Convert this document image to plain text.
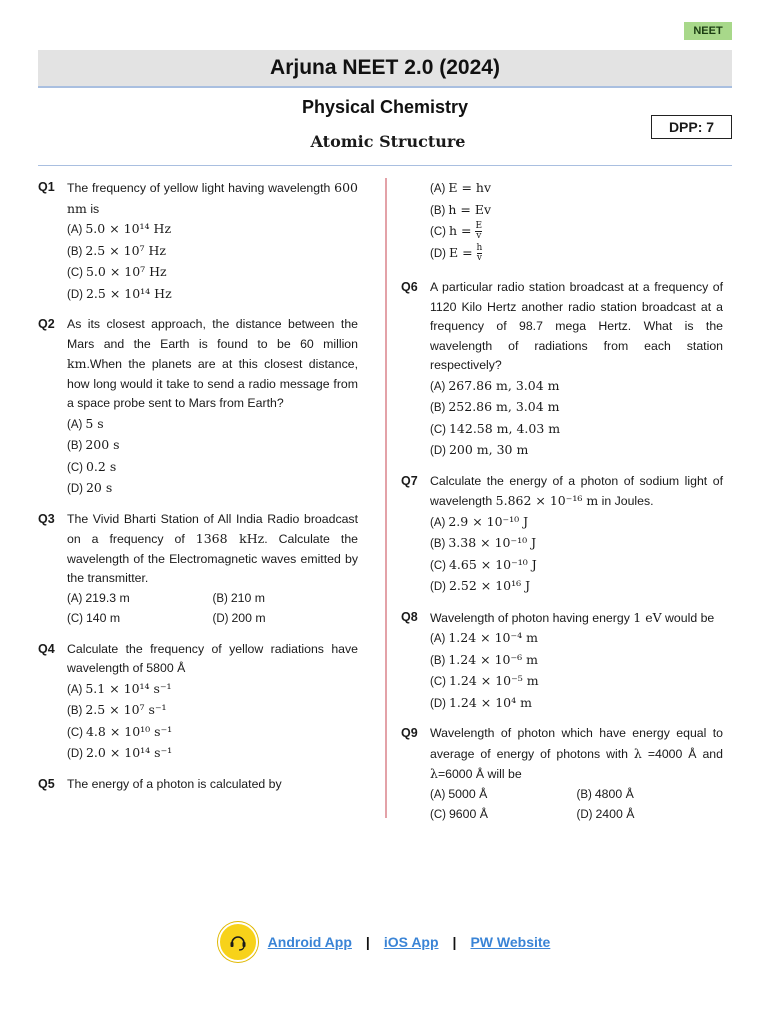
NEET
Arjuna NEET 2.0 (2024)
Physical Chemistry
DPP: 7
Atomic Structure
Q1	The frequency of yellow light having wavelength 600 nm is
(A) 5.0 × 10¹⁴ Hz
(B) 2.5 × 10⁷ Hz
(C) 5.0 × 10⁷ Hz
(D) 2.5 × 10¹⁴ Hz
Q2	As its closest approach, the distance between the Mars and the Earth is found to be 60 million km.When the planets are at this closest distance, how long would it take to send a radio message from a space probe sent to Mars from Earth?
(A) 5 s
(B) 200 s
(C) 0.2 s
(D) 20 s
Q3	The Vivid Bharti Station of All India Radio broadcast on a frequency of 1368 kHz. Calculate the wavelength of the Electromagnetic waves emitted by the transmitter.
(A) 219.3 m	(B) 210 m
(C) 140 m	(D) 200 m
Q4	Calculate the frequency of yellow radiations have wavelength of 5800 Å
(A) 5.1 × 10¹⁴ s⁻¹
(B) 2.5 × 10⁷ s⁻¹
(C) 4.8 × 10¹⁰ s⁻¹
(D) 2.0 × 10¹⁴ s⁻¹
Q5	The energy of a photon is calculated by
(A) E = hv
(B) h = Ev
(C) $h = \frac{E}{v}$
(D) $E = \frac{h}{v}$
Q6	A particular radio station broadcast at a frequency of 1120 Kilo Hertz another radio station broadcast at a frequency of 98.7 mega Hertz. What is the wavelength of radiations from each station respectively?
(A) 267.86 m, 3.04 m
(B) 252.86 m, 3.04 m
(C) 142.58 m, 4.03 m
(D) 200 m, 30 m
Q7	Calculate the energy of a photon of sodium light of wavelength 5.862 × 10⁻¹⁶ m in Joules.
(A) 2.9 × 10⁻¹⁰ J
(B) 3.38 × 10⁻¹⁰ J
(C) 4.65 × 10⁻¹⁰ J
(D) 2.52 × 10¹⁶ J
Q8	Wavelength of photon having energy 1 eV would be
(A) 1.24 × 10⁻⁴ m
(B) 1.24 × 10⁻⁶ m
(C) 1.24 × 10⁻⁵ m
(D) 1.24 × 10⁴ m
Q9	Wavelength of photon which have energy equal to average of energy of photons with λ =4000 Å and λ=6000 Å will be
(A) 5000 Å	(B) 4800 Å
(C) 9600 Å	(D) 2400 Å
Android App | iOS App | PW Website
